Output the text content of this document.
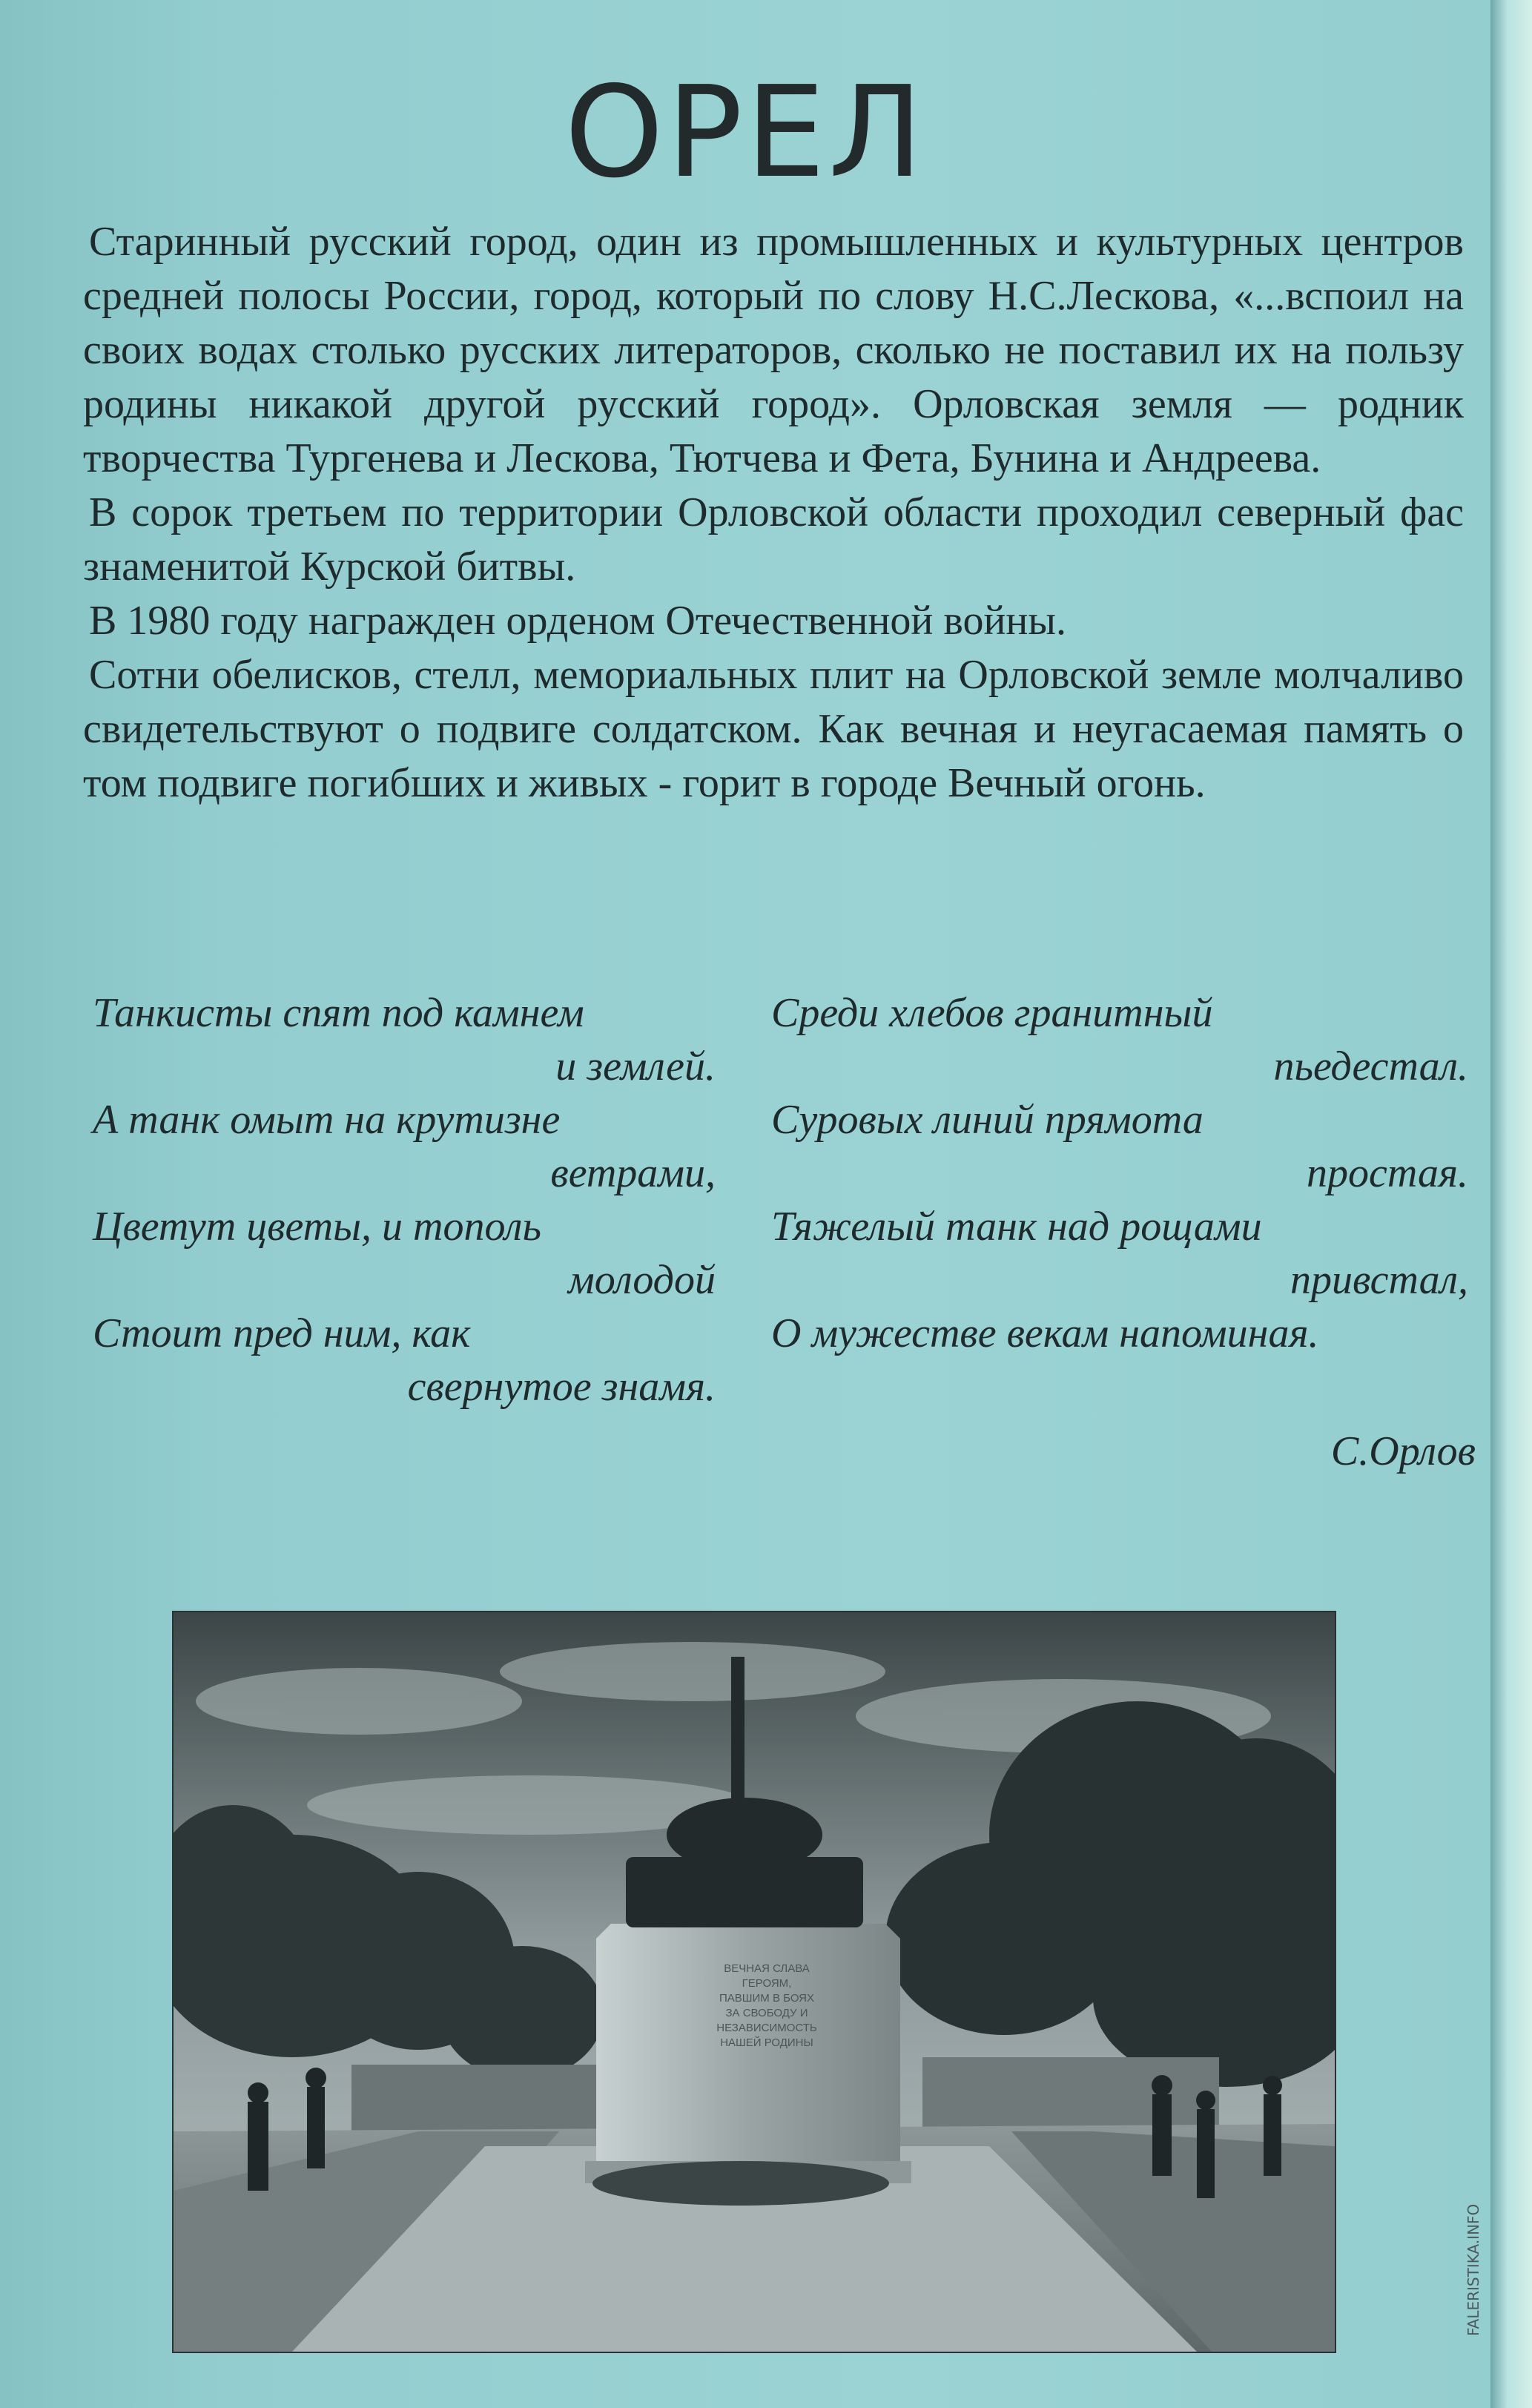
ОРЕЛ

Старинный русский город, один из промышленных и культурных центров средней полосы России, город, который по слову Н.С.Лескова, «...вспоил на своих водах столько русских литераторов, сколько не поставил их на пользу родины никакой другой русский город». Орловская земля — родник творчества Тургенева и Лескова, Тютчева и Фета, Бунина и Андреева.

В сорок третьем по территории Орловской области проходил северный фас знаменитой Курской битвы.

В 1980 году награжден орденом Отечественной войны.

Сотни обелисков, стелл, мемориальных плит на Орловской земле молчаливо свидетельствуют о подвиге солдатском. Как вечная и неугасаемая память о том подвиге погибших и живых - горит в городе Вечный огонь.

Танкисты спят под камнем
и землей.
А танк омыт на крутизне
ветрами,
Цветут цветы, и тополь
молодой
Стоит пред ним, как
свернутое знамя.
Среди хлебов гранитный
пьедестал.
Суровых линий прямота
простая.
Тяжелый танк над рощами
привстал,
О мужестве векам напоминая.
С.Орлов
ВЕЧНАЯ СЛАВА
ГЕРОЯМ,
ПАВШИМ В БОЯХ
ЗА СВОБОДУ И
НЕЗАВИСИМОСТЬ
НАШЕЙ РОДИНЫ
FALERISTIKA.INFO
